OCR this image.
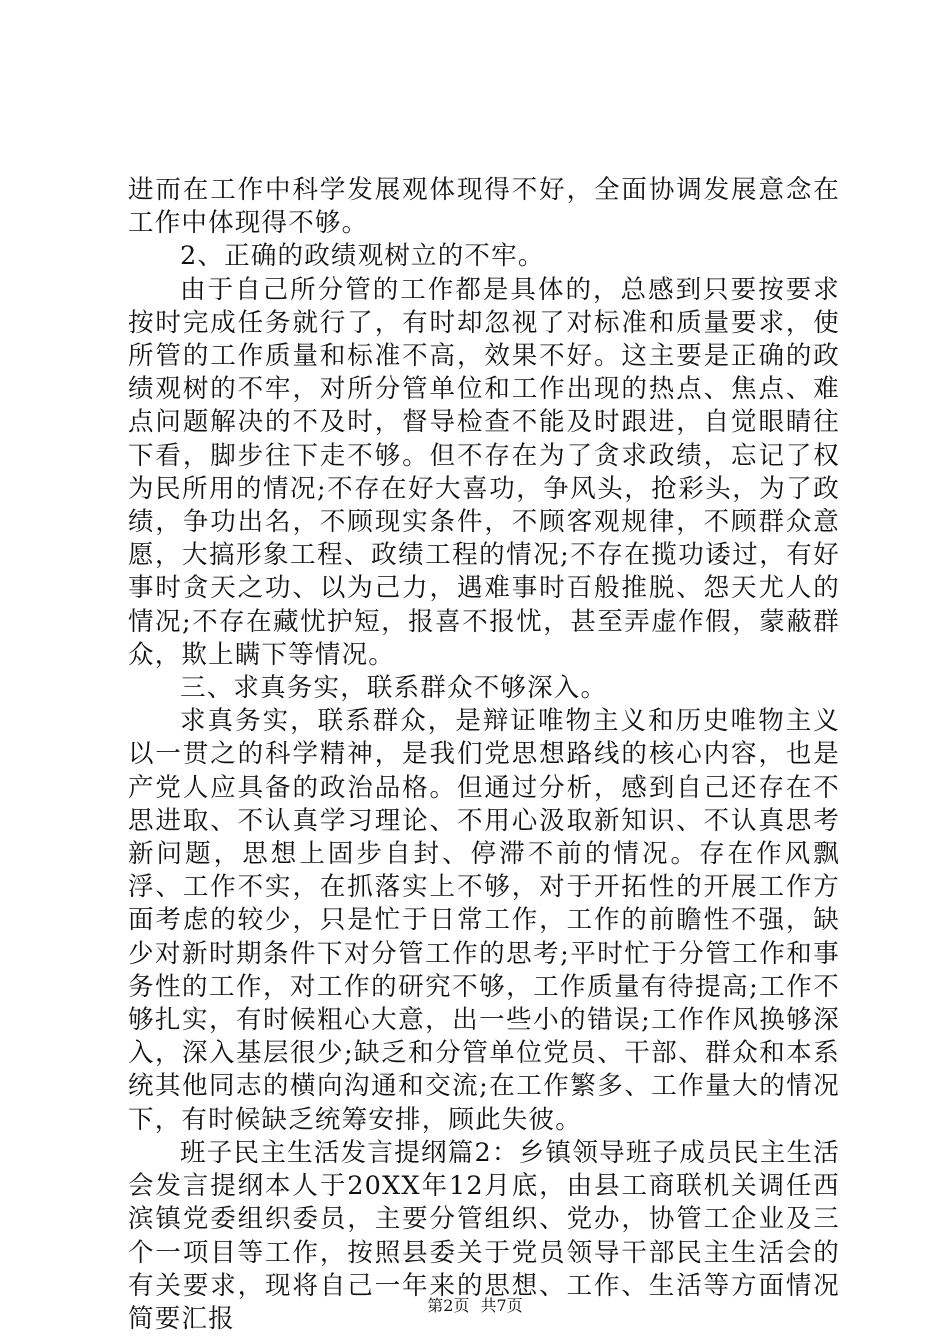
进而在工作中科学发展观体现得不好，全面协调发展意念在工作中体现得不够。

2、正确的政绩观树立的不牢。

由于自己所分管的工作都是具体的，总感到只要按要求按时完成任务就行了，有时却忽视了对标准和质量要求，使所管的工作质量和标准不高，效果不好。这主要是正确的政绩观树的不牢，对所分管单位和工作出现的热点、焦点、难点问题解决的不及时，督导检查不能及时跟进，自觉眼睛往下看，脚步往下走不够。但不存在为了贪求政绩，忘记了权为民所用的情况;不存在好大喜功，争风头，抢彩头，为了政绩，争功出名，不顾现实条件，不顾客观规律，不顾群众意愿，大搞形象工程、政绩工程的情况;不存在揽功诿过，有好事时贪天之功、以为己力，遇难事时百般推脱、怨天尤人的情况;不存在藏忧护短，报喜不报忧，甚至弄虚作假，蒙蔽群众，欺上瞒下等情况。

三、求真务实，联系群众不够深入。

求真务实，联系群众，是辩证唯物主义和历史唯物主义以一贯之的科学精神，是我们党思想路线的核心内容，也是产党人应具备的政治品格。但通过分析，感到自己还存在不思进取、不认真学习理论、不用心汲取新知识、不认真思考新问题，思想上固步自封、停滞不前的情况。存在作风飘浮、工作不实，在抓落实上不够，对于开拓性的开展工作方面考虑的较少，只是忙于日常工作，工作的前瞻性不强，缺少对新时期条件下对分管工作的思考;平时忙于分管工作和事务性的工作，对工作的研究不够，工作质量有待提高;工作不够扎实，有时候粗心大意，出一些小的错误;工作作风换够深入，深入基层很少;缺乏和分管单位党员、干部、群众和本系统其他同志的横向沟通和交流;在工作繁多、工作量大的情况下，有时候缺乏统筹安排，顾此失彼。

班子民主生活发言提纲篇2：乡镇领导班子成员民主生活会发言提纲本人于20XX年12月底，由县工商联机关调任西滨镇党委组织委员，主要分管组织、党办，协管工企业及三个一项目等工作，按照县委关于党员领导干部民主生活会的有关要求，现将自己一年来的思想、工作、生活等方面情况简要汇报	第2页 共7页
